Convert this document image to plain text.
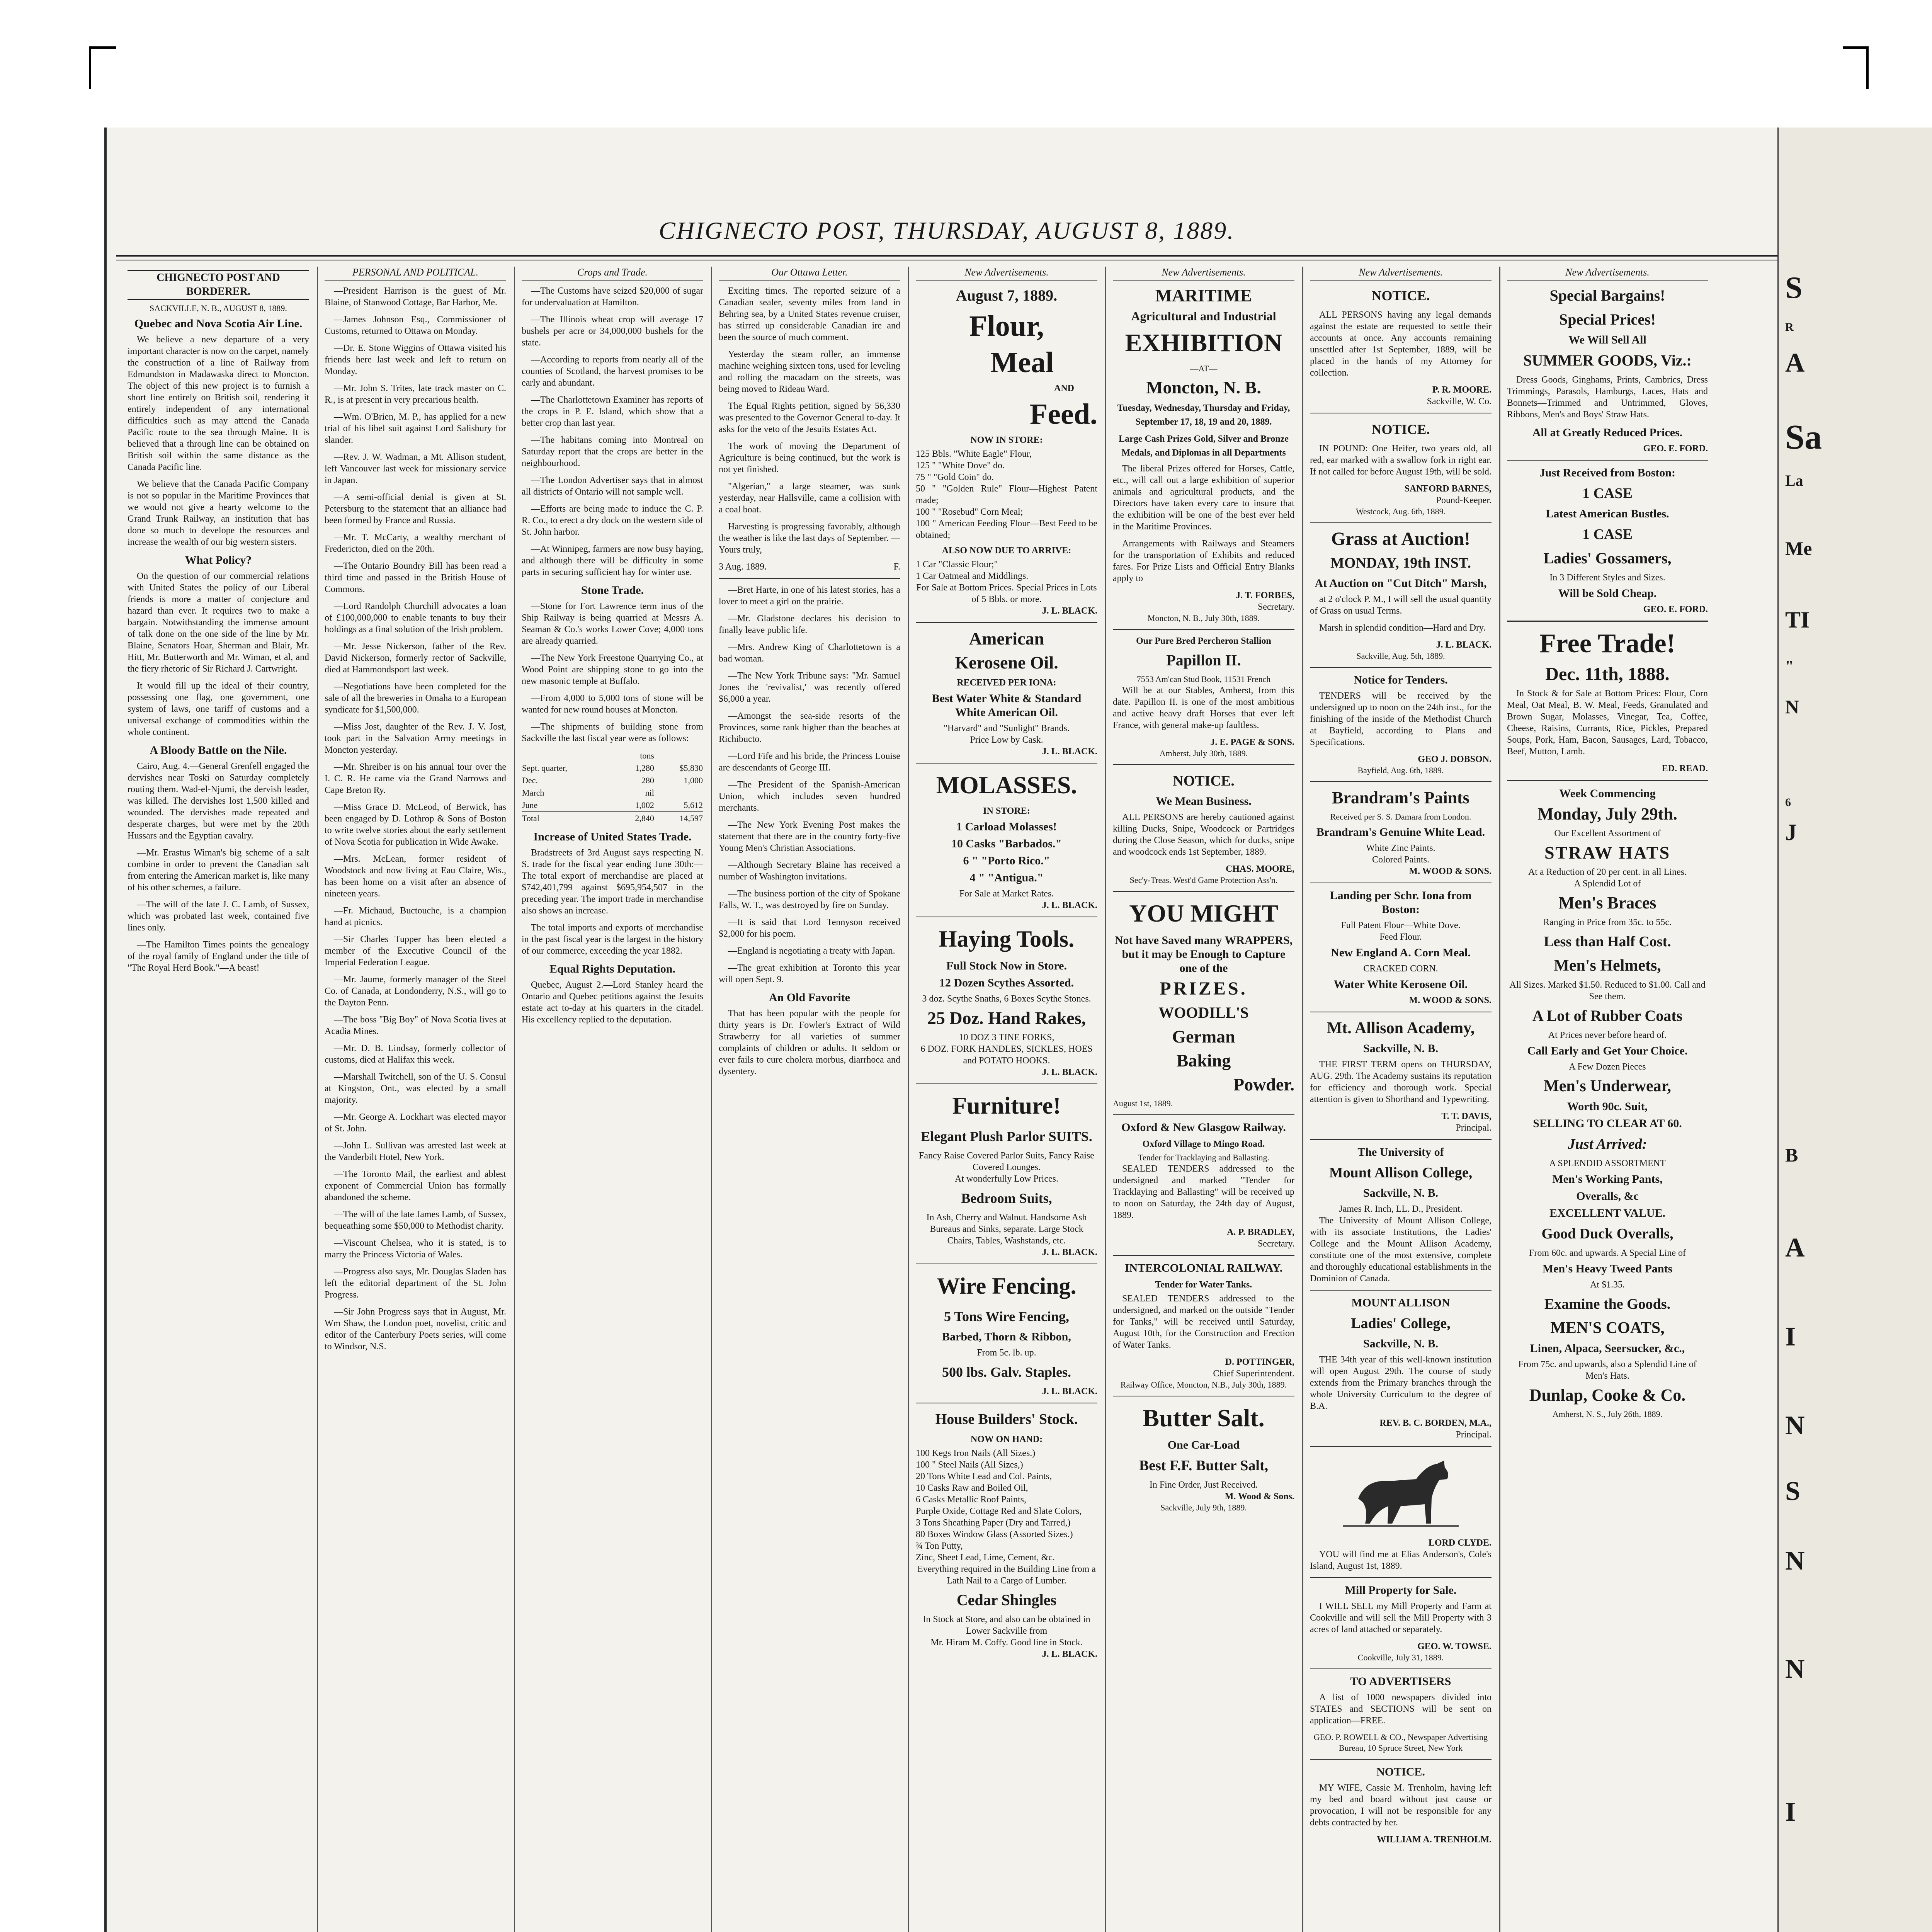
CHIGNECTO POST, THURSDAY, AUGUST 8, 1889.
CHIGNECTO POST AND BORDERER.
SACKVILLE, N. B., AUGUST 8, 1889.
Quebec and Nova Scotia Air Line.

We believe a new departure of a very important character is now on the carpet, namely the construction of a line of Railway from Edmundston in Madawaska direct to Moncton. The object of this new project is to furnish a short line entirely on British soil, rendering it entirely independent of any international difficulties such as may attend the Canada Pacific route to the sea through Maine. It is believed that a through line can be obtained on British soil within the same distance as the Canada Pacific line.

We believe that the Canada Pacific Company is not so popular in the Maritime Provinces that we would not give a hearty welcome to the Grand Trunk Railway, an institution that has done so much to develope the resources and increase the wealth of our big western sisters.

What Policy?

On the question of our commercial relations with United States the policy of our Liberal friends is more a matter of conjecture and hazard than ever. It requires two to make a bargain. Notwithstanding the immense amount of talk done on the one side of the line by Mr. Blaine, Senators Hoar, Sherman and Blair, Mr. Hitt, Mr. Butterworth and Mr. Wiman, et al, and the fiery rhetoric of Sir Richard J. Cartwright.

It would fill up the ideal of their country, possessing one flag, one government, one system of laws, one tariff of customs and a universal exchange of commodities within the whole continent.

A Bloody Battle on the Nile.

Cairo, Aug. 4.—General Grenfell engaged the dervishes near Toski on Saturday completely routing them. Wad-el-Njumi, the dervish leader, was killed. The dervishes lost 1,500 killed and wounded. The dervishes made repeated and desperate charges, but were met by the 20th Hussars and the Egyptian cavalry.

—Mr. Erastus Wiman's big scheme of a salt combine in order to prevent the Canadian salt from entering the American market is, like many of his other schemes, a failure.

—The will of the late J. C. Lamb, of Sussex, which was probated last week, contained five lines only.

—The Hamilton Times points the genealogy of the royal family of England under the title of "The Royal Herd Book."—A beast!

PERSONAL AND POLITICAL.

—President Harrison is the guest of Mr. Blaine, of Stanwood Cottage, Bar Harbor, Me.

—James Johnson Esq., Commissioner of Customs, returned to Ottawa on Monday.

—Dr. E. Stone Wiggins of Ottawa visited his friends here last week and left to return on Monday.

—Mr. John S. Trites, late track master on C. R., is at present in very precarious health.

—Wm. O'Brien, M. P., has applied for a new trial of his libel suit against Lord Salisbury for slander.

—Rev. J. W. Wadman, a Mt. Allison student, left Vancouver last week for missionary service in Japan.

—A semi-official denial is given at St. Petersburg to the statement that an alliance had been formed by France and Russia.

—Mr. T. McCarty, a wealthy merchant of Fredericton, died on the 20th.

—The Ontario Boundry Bill has been read a third time and passed in the British House of Commons.

—Lord Randolph Churchill advocates a loan of £100,000,000 to enable tenants to buy their holdings as a final solution of the Irish problem.

—Mr. Jesse Nickerson, father of the Rev. David Nickerson, formerly rector of Sackville, died at Hammondsport last week.

—Negotiations have been completed for the sale of all the breweries in Omaha to a European syndicate for $1,500,000.

—Miss Jost, daughter of the Rev. J. V. Jost, took part in the Salvation Army meetings in Moncton yesterday.

—Mr. Shreiber is on his annual tour over the I. C. R. He came via the Grand Narrows and Cape Breton Ry.

—Miss Grace D. McLeod, of Berwick, has been engaged by D. Lothrop & Sons of Boston to write twelve stories about the early settlement of Nova Scotia for publication in Wide Awake.

—Mrs. McLean, former resident of Woodstock and now living at Eau Claire, Wis., has been home on a visit after an absence of nineteen years.

—Fr. Michaud, Buctouche, is a champion hand at picnics.

—Sir Charles Tupper has been elected a member of the Executive Council of the Imperial Federation League.

—Mr. Jaume, formerly manager of the Steel Co. of Canada, at Londonderry, N.S., will go to the Dayton Penn.

—The boss "Big Boy" of Nova Scotia lives at Acadia Mines.

—Mr. D. B. Lindsay, formerly collector of customs, died at Halifax this week.

—Marshall Twitchell, son of the U. S. Consul at Kingston, Ont., was elected by a small majority.

—Mr. George A. Lockhart was elected mayor of St. John.

—John L. Sullivan was arrested last week at the Vanderbilt Hotel, New York.

—The Toronto Mail, the earliest and ablest exponent of Commercial Union has formally abandoned the scheme.

—The will of the late James Lamb, of Sussex, bequeathing some $50,000 to Methodist charity.

—Viscount Chelsea, who it is stated, is to marry the Princess Victoria of Wales.

—Progress also says, Mr. Douglas Sladen has left the editorial department of the St. John Progress.

—Sir John Progress says that in August, Mr. Wm Shaw, the London poet, novelist, critic and editor of the Canterbury Poets series, will come to Windsor, N.S.

Crops and Trade.

—The Customs have seized $20,000 of sugar for undervaluation at Hamilton.

—The Illinois wheat crop will average 17 bushels per acre or 34,000,000 bushels for the state.

—According to reports from nearly all of the counties of Scotland, the harvest promises to be early and abundant.

—The Charlottetown Examiner has reports of the crops in P. E. Island, which show that a better crop than last year.

—The habitans coming into Montreal on Saturday report that the crops are better in the neighbourhood.

—The London Advertiser says that in almost all districts of Ontario will not sample well.

—Efforts are being made to induce the C. P. R. Co., to erect a dry dock on the western side of St. John harbor.

—At Winnipeg, farmers are now busy haying, and although there will be difficulty in some parts in securing sufficient hay for winter use.

Stone Trade.

—Stone for Fort Lawrence term inus of the Ship Railway is being quarried at Messrs A. Seaman & Co.'s works Lower Cove; 4,000 tons are already quarried.

—The New York Freestone Quarrying Co., at Wood Point are shipping stone to go into the new masonic temple at Buffalo.

—From 4,000 to 5,000 tons of stone will be wanted for new round houses at Moncton.

—The shipments of building stone from Sackville the last fiscal year were as follows:

	tons	
Sept. quarter,	1,280	$5,830
Dec.	280	1,000
March	nil	
June	1,002	5,612
Total	2,840	14,597
Increase of United States Trade.

Bradstreets of 3rd August says respecting N. S. trade for the fiscal year ending June 30th:—The total export of merchandise are placed at $742,401,799 against $695,954,507 in the preceding year. The import trade in merchandise also shows an increase.

The total imports and exports of merchandise in the past fiscal year is the largest in the history of our commerce, exceeding the year 1882.

Equal Rights Deputation.

Quebec, August 2.—Lord Stanley heard the Ontario and Quebec petitions against the Jesuits estate act to-day at his quarters in the citadel. His excellency replied to the deputation.

Our Ottawa Letter.

Exciting times. The reported seizure of a Canadian sealer, seventy miles from land in Behring sea, by a United States revenue cruiser, has stirred up considerable Canadian ire and been the source of much comment.

Yesterday the steam roller, an immense machine weighing sixteen tons, used for leveling and rolling the macadam on the streets, was being moved to Rideau Ward.

The Equal Rights petition, signed by 56,330 was presented to the Governor General to-day. It asks for the veto of the Jesuits Estates Act.

The work of moving the Department of Agriculture is being continued, but the work is not yet finished.

"Algerian," a large steamer, was sunk yesterday, near Hallsville, came a collision with a coal boat.

Harvesting is progressing favorably, although the weather is like the last days of September. — Yours truly,

3 Aug. 1889.	F.

—Bret Harte, in one of his latest stories, has a lover to meet a girl on the prairie.

—Mr. Gladstone declares his decision to finally leave public life.

—Mrs. Andrew King of Charlottetown is a bad woman.

—The New York Tribune says: "Mr. Samuel Jones the 'revivalist,' was recently offered $6,000 a year.

—Amongst the sea-side resorts of the Provinces, some rank higher than the beaches at Richibucto.

—Lord Fife and his bride, the Princess Louise are descendants of George III.

—The President of the Spanish-American Union, which includes seven hundred merchants.

—The New York Evening Post makes the statement that there are in the country forty-five Young Men's Christian Associations.

—Although Secretary Blaine has received a number of Washington invitations.

—The business portion of the city of Spokane Falls, W. T., was destroyed by fire on Sunday.

—It is said that Lord Tennyson received $2,000 for his poem.

—England is negotiating a treaty with Japan.

—The great exhibition at Toronto this year will open Sept. 9.

An Old Favorite

That has been popular with the people for thirty years is Dr. Fowler's Extract of Wild Strawberry for all varieties of summer complaints of children or adults. It seldom or ever fails to cure cholera morbus, diarrhoea and dysentery.

New Advertisements.
August 7, 1889.
Flour,
Meal
AND
Feed.
NOW IN STORE:
125 Bbls. "White Eagle" Flour,
125 " "White Dove" do.
75 " "Gold Coin" do.
50 " "Golden Rule" Flour—Highest Patent made;
100 " "Rosebud" Corn Meal;
100 " American Feeding Flour—Best Feed to be obtained;
ALSO NOW DUE TO ARRIVE:
1 Car "Classic Flour;"
1 Car Oatmeal and Middlings.
For Sale at Bottom Prices. Special Prices in Lots of 5 Bbls. or more.
J. L. BLACK.
American
Kerosene Oil.
RECEIVED PER IONA:
Best Water White & Standard White American Oil.
"Harvard" and "Sunlight" Brands.
Price Low by Cask.
J. L. BLACK.
MOLASSES.
IN STORE:
1 Carload Molasses!
10 Casks "Barbados."
6 " "Porto Rico."
4 " "Antigua."
For Sale at Market Rates.
J. L. BLACK.
Haying Tools.
Full Stock Now in Store.
12 Dozen Scythes Assorted.
3 doz. Scythe Snaths, 6 Boxes Scythe Stones.
25 Doz. Hand Rakes,
10 DOZ 3 TINE FORKS,
6 DOZ. FORK HANDLES, SICKLES, HOES and POTATO HOOKS.
J. L. BLACK.
Furniture!
Elegant Plush Parlor SUITS.
Fancy Raise Covered Parlor Suits, Fancy Raise Covered Lounges.
At wonderfully Low Prices.
Bedroom Suits,
In Ash, Cherry and Walnut. Handsome Ash Bureaus and Sinks, separate. Large Stock Chairs, Tables, Washstands, etc.
J. L. BLACK.
Wire Fencing.
5 Tons Wire Fencing,
Barbed, Thorn & Ribbon,
From 5c. lb. up.
500 lbs. Galv. Staples.
J. L. BLACK.
House Builders' Stock.
NOW ON HAND:
100 Kegs Iron Nails (All Sizes.)
100 " Steel Nails (All Sizes,)
20 Tons White Lead and Col. Paints,
10 Casks Raw and Boiled Oil,
6 Casks Metallic Roof Paints,
Purple Oxide, Cottage Red and Slate Colors,
3 Tons Sheathing Paper (Dry and Tarred,)
80 Boxes Window Glass (Assorted Sizes.)
¾ Ton Putty,
Zinc, Sheet Lead, Lime, Cement, &c.
Everything required in the Building Line from a Lath Nail to a Cargo of Lumber.
Cedar Shingles
In Stock at Store, and also can be obtained in Lower Sackville from
Mr. Hiram M. Coffy. Good line in Stock.
J. L. BLACK.
New Advertisements.
MARITIME
Agricultural and Industrial
EXHIBITION
—AT—
Moncton, N. B.
Tuesday, Wednesday, Thursday and Friday, September 17, 18, 19 and 20, 1889.
Large Cash Prizes Gold, Silver and Bronze Medals, and Diplomas in all Departments

The liberal Prizes offered for Horses, Cattle, etc., will call out a large exhibition of superior animals and agricultural products, and the Directors have taken every care to insure that the exhibition will be one of the best ever held in the Maritime Provinces.

Arrangements with Railways and Steamers for the transportation of Exhibits and reduced fares. For Prize Lists and Official Entry Blanks apply to

J. T. FORBES,
Secretary.
Moncton, N. B., July 30th, 1889.
Our Pure Bred Percheron Stallion
Papillon II.
7553 Am'can Stud Book, 11531 French

Will be at our Stables, Amherst, from this date. Papillon II. is one of the most ambitious and active heavy draft Horses that ever left France, with general make-up faultless.

J. E. PAGE & SONS.
Amherst, July 30th, 1889.
NOTICE.
We Mean Business.

ALL PERSONS are hereby cautioned against killing Ducks, Snipe, Woodcock or Partridges during the Close Season, which for ducks, snipe and woodcock ends 1st September, 1889.

CHAS. MOORE,
Sec'y-Treas. West'd Game Protection Ass'n.
YOU MIGHT
Not have Saved many WRAPPERS, but it may be Enough to Capture one of the
PRIZES.
WOODILL'S
German
Baking
Powder.
August 1st, 1889.
Oxford & New Glasgow Railway.
Oxford Village to Mingo Road.
Tender for Tracklaying and Ballasting.

SEALED TENDERS addressed to the undersigned and marked "Tender for Tracklaying and Ballasting" will be received up to noon on Saturday, the 24th day of August, 1889.

A. P. BRADLEY,
Secretary.
INTERCOLONIAL RAILWAY.
Tender for Water Tanks.

SEALED TENDERS addressed to the undersigned, and marked on the outside "Tender for Tanks," will be received until Saturday, August 10th, for the Construction and Erection of Water Tanks.

D. POTTINGER,
Chief Superintendent.
Railway Office, Moncton, N.B., July 30th, 1889.
Butter Salt.
One Car-Load
Best F.F. Butter Salt,
In Fine Order, Just Received.
M. Wood & Sons.
Sackville, July 9th, 1889.
New Advertisements.
NOTICE.

ALL PERSONS having any legal demands against the estate are requested to settle their accounts at once. Any accounts remaining unsettled after 1st September, 1889, will be placed in the hands of my Attorney for collection.

P. R. MOORE.
Sackville, W. Co.
NOTICE.

IN POUND: One Heifer, two years old, all red, ear marked with a swallow fork in right ear. If not called for before August 19th, will be sold.

SANFORD BARNES,
Pound-Keeper.
Westcock, Aug. 6th, 1889.
Grass at Auction!
MONDAY, 19th INST.
At Auction on "Cut Ditch" Marsh,

at 2 o'clock P. M., I will sell the usual quantity of Grass on usual Terms.

Marsh in splendid condition—Hard and Dry.

J. L. BLACK.
Sackville, Aug. 5th, 1889.
Notice for Tenders.

TENDERS will be received by the undersigned up to noon on the 24th inst., for the finishing of the inside of the Methodist Church at Bayfield, according to Plans and Specifications.

GEO J. DOBSON.
Bayfield, Aug. 6th, 1889.
Brandram's Paints
Received per S. S. Damara from London.
Brandram's Genuine White Lead.
White Zinc Paints.
Colored Paints.
M. WOOD & SONS.
Landing per Schr. Iona from Boston:
Full Patent Flour—White Dove.
Feed Flour.
New England A. Corn Meal.
CRACKED CORN.
Water White Kerosene Oil.
M. WOOD & SONS.
Mt. Allison Academy,
Sackville, N. B.

THE FIRST TERM opens on THURSDAY, AUG. 29th. The Academy sustains its reputation for efficiency and thorough work. Special attention is given to Shorthand and Typewriting.

T. T. DAVIS,
Principal.
The University of
Mount Allison College,
Sackville, N. B.
James R. Inch, LL. D., President.

The University of Mount Allison College, with its associate Institutions, the Ladies' College and the Mount Allison Academy, constitute one of the most extensive, complete and thoroughly educational establishments in the Dominion of Canada.

MOUNT ALLISON
Ladies' College,
Sackville, N. B.

THE 34th year of this well-known institution will open August 29th. The course of study extends from the Primary branches through the whole University Curriculum to the degree of B.A.

REV. B. C. BORDEN, M.A.,
Principal.
LORD CLYDE.

YOU will find me at Elias Anderson's, Cole's Island, August 1st, 1889.

Mill Property for Sale.

I WILL SELL my Mill Property and Farm at Cookville and will sell the Mill Property with 3 acres of land attached or separately.

GEO. W. TOWSE.
Cookville, July 31, 1889.
TO ADVERTISERS

A list of 1000 newspapers divided into STATES and SECTIONS will be sent on application—FREE.

GEO. P. ROWELL & CO., Newspaper Advertising Bureau, 10 Spruce Street, New York
NOTICE.

MY WIFE, Cassie M. Trenholm, having left my bed and board without just cause or provocation, I will not be responsible for any debts contracted by her.

WILLIAM A. TRENHOLM.
New Advertisements.
Special Bargains!
Special Prices!
We Will Sell All
SUMMER GOODS, Viz.:

Dress Goods, Ginghams, Prints, Cambrics, Dress Trimmings, Parasols, Hamburgs, Laces, Hats and Bonnets—Trimmed and Untrimmed, Gloves, Ribbons, Men's and Boys' Straw Hats.

All at Greatly Reduced Prices.
GEO. E. FORD.
Just Received from Boston:
1 CASE
Latest American Bustles.
1 CASE
Ladies' Gossamers,
In 3 Different Styles and Sizes.
Will be Sold Cheap.
GEO. E. FORD.
Free Trade!
Dec. 11th, 1888.

In Stock & for Sale at Bottom Prices: Flour, Corn Meal, Oat Meal, B. W. Meal, Feeds, Granulated and Brown Sugar, Molasses, Vinegar, Tea, Coffee, Cheese, Raisins, Currants, Rice, Pickles, Prepared Soups, Pork, Ham, Bacon, Sausages, Lard, Tobacco, Beef, Mutton, Lamb.

ED. READ.
Week Commencing
Monday, July 29th.
Our Excellent Assortment of
STRAW HATS
At a Reduction of 20 per cent. in all Lines.
A Splendid Lot of
Men's Braces
Ranging in Price from 35c. to 55c.
Less than Half Cost.
Men's Helmets,
All Sizes. Marked $1.50. Reduced to $1.00. Call and See them.
A Lot of Rubber Coats
At Prices never before heard of.
Call Early and Get Your Choice.
A Few Dozen Pieces
Men's Underwear,
Worth 90c. Suit,
SELLING TO CLEAR AT 60.
Just Arrived:
A SPLENDID ASSORTMENT
Men's Working Pants,
Overalls, &c
EXCELLENT VALUE.
Good Duck Overalls,
From 60c. and upwards. A Special Line of
Men's Heavy Tweed Pants
At $1.35.
Examine the Goods.
MEN'S COATS,
Linen, Alpaca, Seersucker, &c.,
From 75c. and upwards, also a Splendid Line of Men's Hats.
Dunlap, Cooke & Co.
Amherst, N. S., July 26th, 1889.
S
R
A
Sa
La
Me
TI
"
N
6
J
B
A
I
N
S
N
N
I
